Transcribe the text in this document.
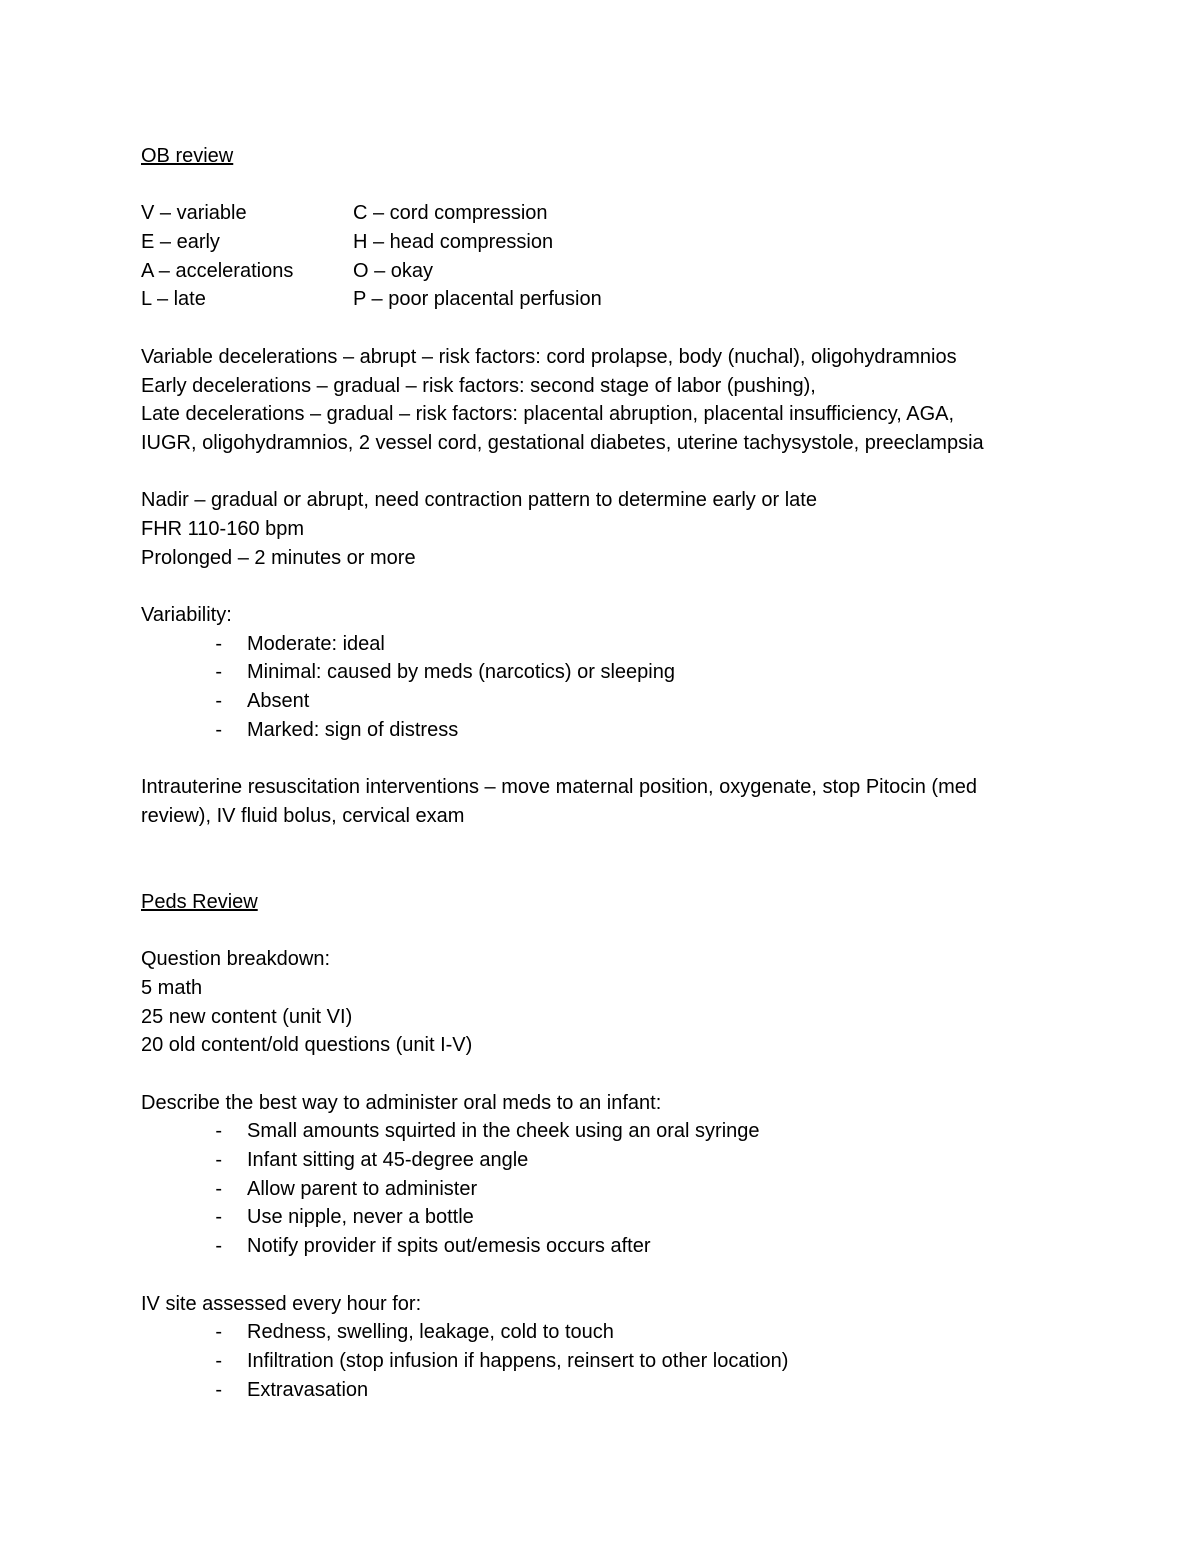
OB review
V – variable	C – cord compression
E – early	H – head compression
A – accelerations	O – okay
L – late	P – poor placental perfusion
Variable decelerations – abrupt – risk factors: cord prolapse, body (nuchal), oligohydramnios
Early decelerations – gradual – risk factors: second stage of labor (pushing),
Late decelerations – gradual – risk factors: placental abruption, placental insufficiency, AGA,
IUGR, oligohydramnios, 2 vessel cord, gestational diabetes, uterine tachysystole, preeclampsia
Nadir – gradual or abrupt, need contraction pattern to determine early or late
FHR 110-160 bpm
Prolonged – 2 minutes or more
Variability:
-	Moderate: ideal
-	Minimal: caused by meds (narcotics) or sleeping
-	Absent
-	Marked: sign of distress
Intrauterine resuscitation interventions – move maternal position, oxygenate, stop Pitocin (med
review), IV fluid bolus, cervical exam
Peds Review
Question breakdown:
5 math
25 new content (unit VI)
20 old content/old questions (unit I-V)
Describe the best way to administer oral meds to an infant:
-	Small amounts squirted in the cheek using an oral syringe
-	Infant sitting at 45-degree angle
-	Allow parent to administer
-	Use nipple, never a bottle
-	Notify provider if spits out/emesis occurs after
IV site assessed every hour for:
-	Redness, swelling, leakage, cold to touch
-	Infiltration (stop infusion if happens, reinsert to other location)
-	Extravasation
